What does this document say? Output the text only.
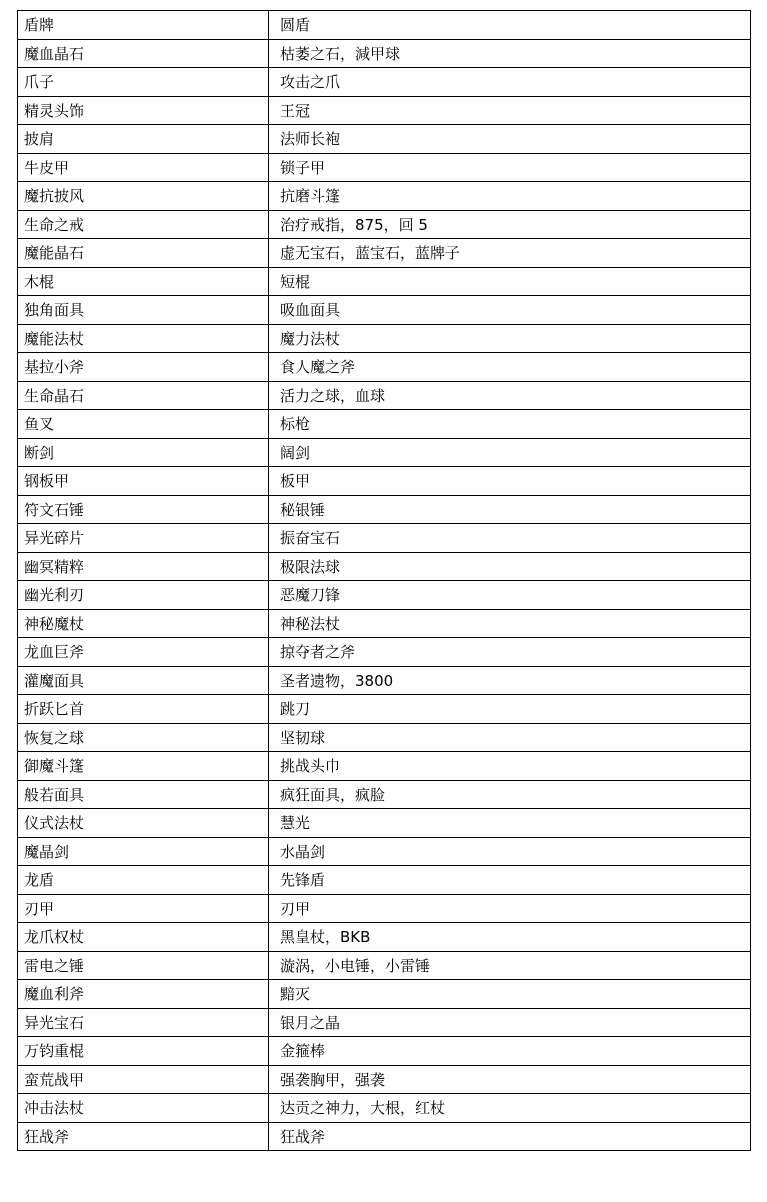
盾牌	圆盾
魔血晶石	枯萎之石，減甲球
爪子	攻击之爪
精灵头饰	王冠
披肩	法师长袍
牛皮甲	锁子甲
魔抗披风	抗磨斗篷
生命之戒	治疗戒指，875，回 5
魔能晶石	虚无宝石，蓝宝石，蓝牌子
木棍	短棍
独角面具	吸血面具
魔能法杖	魔力法杖
基拉小斧	食人魔之斧
生命晶石	活力之球，血球
鱼叉	标枪
断剑	阔剑
钢板甲	板甲
符文石锤	秘银锤
异光碎片	振奋宝石
幽冥精粹	极限法球
幽光利刃	恶魔刀锋
神秘魔杖	神秘法杖
龙血巨斧	掠夺者之斧
灌魔面具	圣者遗物，3800
折跃匕首	跳刀
恢复之球	坚韧球
御魔斗篷	挑战头巾
般若面具	疯狂面具，疯脸
仪式法杖	慧光
魔晶剑	水晶剑
龙盾	先锋盾
刃甲	刃甲
龙爪权杖	黑皇杖，BKB
雷电之锤	漩涡，小电锤，小雷锤
魔血利斧	黯灭
异光宝石	银月之晶
万钧重棍	金箍棒
蛮荒战甲	强袭胸甲，强袭
冲击法杖	达贡之神力，大根，红杖
狂战斧	狂战斧
